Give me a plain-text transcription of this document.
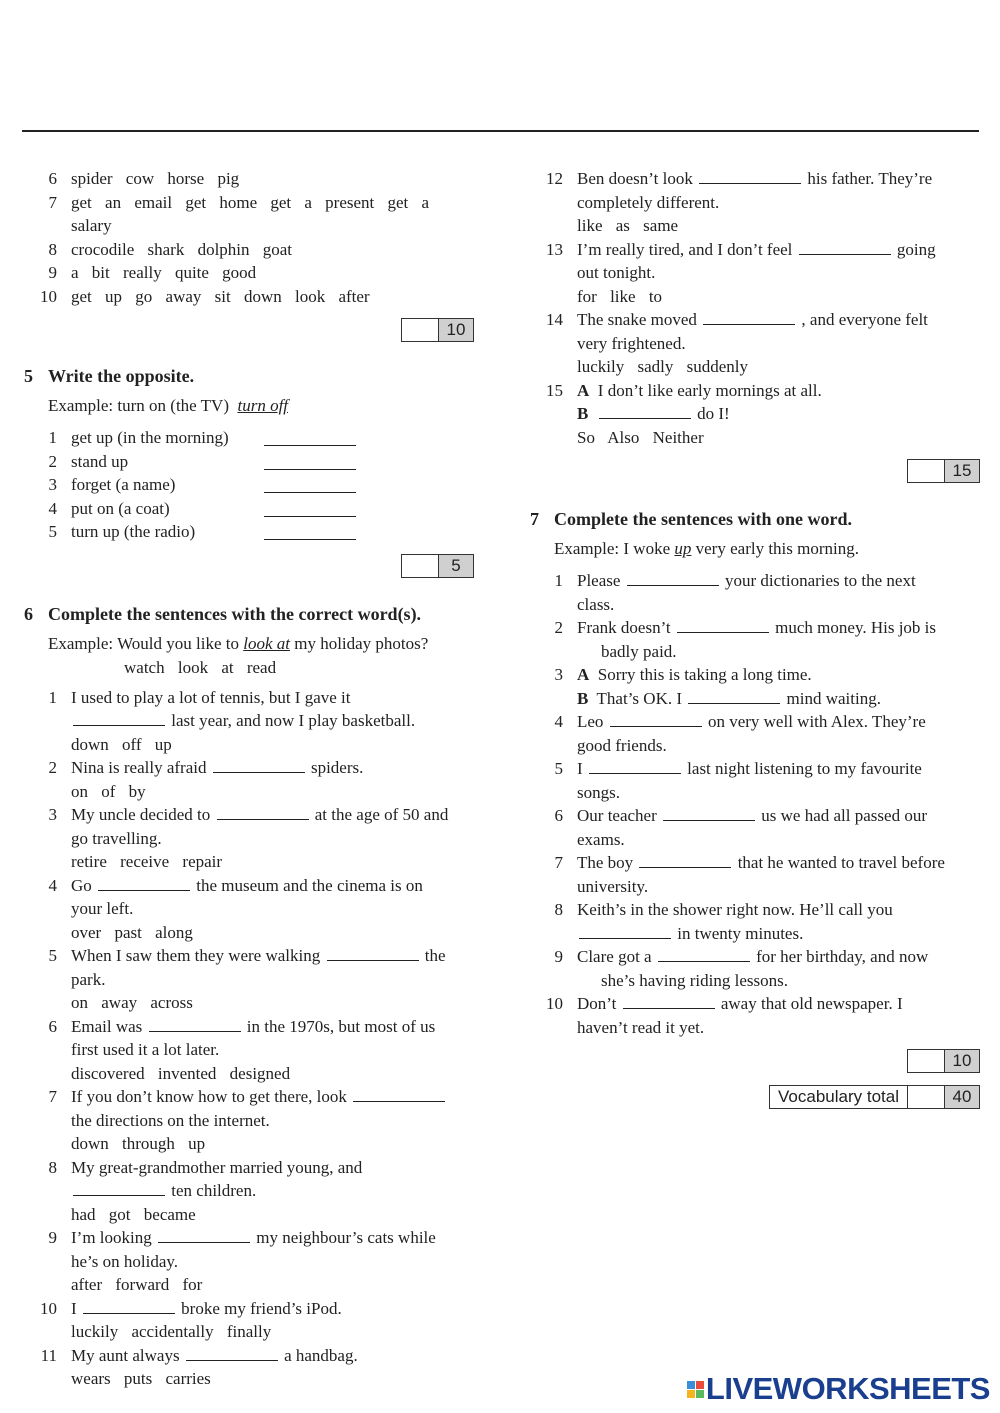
6 spider cow horse pig
7 get an email get home get a present get a salary
8 crocodile shark dolphin goat
9 a bit really quite good
10 get up go away sit down look after
10
5 Write the opposite.
Example: turn on (the TV) turn off
1 get up (in the morning)
2 stand up
3 forget (a name)
4 put on (a coat)
5 turn up (the radio)
5
6 Complete the sentences with the correct word(s).
Example: Would you like to look at my holiday photos?
watch look at read
1 I used to play a lot of tennis, but I gave it
last year, and now I play basketball.
down off up
2 Nina is really afraid	spiders.
on of by
3 My uncle decided to	at the age of 50 and
go travelling.
retire receive repair
4 Go	the museum and the cinema is on
your left.
over past along
5 When I saw them they were walking	the
park.
on away across
6 Email was	in the 1970s, but most of us
first used it a lot later.
discovered invented designed
7 If you don’t know how to get there, look
the directions on the internet.
down through up
8 My great-grandmother married young, and
ten children.
had got became
9 I’m looking	my neighbour’s cats while
he’s on holiday.
after forward for
10 I	broke my friend’s iPod.
luckily accidentally finally
11 My aunt always	a handbag.
wears puts carries
12 Ben doesn’t look	his father. They’re
completely different.
like as same
13 I’m really tired, and I don’t feel	going
out tonight.
for like to
14 The snake moved	, and everyone felt
very frightened.
luckily sadly suddenly
15 A I don’t like early mornings at all.
B	do I!
So Also Neither
15
7 Complete the sentences with one word.
Example: I woke up very early this morning.
1 Please	your dictionaries to the next
class.
2 Frank doesn’t	much money. His job is
badly paid.
3 A Sorry this is taking a long time.
B That’s OK. I	mind waiting.
4 Leo	on very well with Alex. They’re
good friends.
5 I	last night listening to my favourite
songs.
6 Our teacher	us we had all passed our
exams.
7 The boy	that he wanted to travel before
university.
8 Keith’s in the shower right now. He’ll call you
in twenty minutes.
9 Clare got a	for her birthday, and now
she’s having riding lessons.
10 Don’t	away that old newspaper. I
haven’t read it yet.
10
Vocabulary total	40
LIVEWORKSHEETS
